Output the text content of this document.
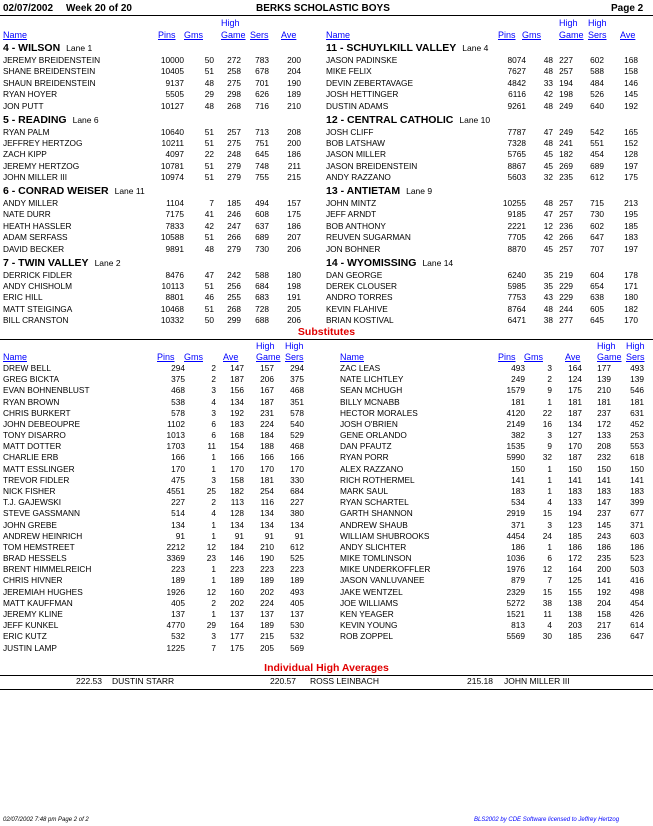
02/07/2002 Week 20 of 20	BERKS SCHOLASTIC BOYS	Page 2
High
Name	Pins Gms Game Sers Ave
High High
Name	Pins Gms Game Sers Ave
4 - WILSON Lane 1
JEREMY BREIDENSTEIN	10000	50 272 783 200
SHANE BREIDENSTEIN	10405	51 258 678 204
SHAUN BREIDENSTEIN	9137	48 275 701 190
RYAN HOYER	5505	29 298 626 189
JON PUTT	10127	48 268 716 210
5 - READING Lane 6
RYAN PALM	10640	51 257 713 208
JEFFREY HERTZOG	10211	51 275 751 200
ZACH KIPP	4097	22 248 645 186
JEREMY HERTZOG	10781	51 279 748 211
JOHN MILLER III	10974	51 279 755 215
6 - CONRAD WEISER Lane 11
ANDY MILLER	1104	7 185 494 157
NATE DURR	7175	41 246 608 175
HEATH HASSLER	7833	42 247 637 186
ADAM SERFASS	10588	51 266 689 207
DAVID BECKER	9891	48 279 730 206
7 - TWIN VALLEY Lane 2
DERRICK FIDLER	8476	47 242 588 180
ANDY CHISHOLM	10113	51 256 684 198
ERIC HILL	8801	46 255 683 191
MATT STEIGINGA	10468	51 268 728 205
BILL CRANSTON	10332	50 299 688 206
11 - SCHUYLKILL VALLEY Lane 4
JASON PADINSKE	8074 48 227 602 168
MIKE FELIX	7627 48 257 588 158
DEVIN ZEBERTAVAGE	4842 33 194 484 146
JOSH HETTINGER	6116 42 198 526 145
DUSTIN ADAMS	9261 48 249 640 192
12 - CENTRAL CATHOLIC Lane 10
JOSH CLIFF	7787 47 249 542 165
BOB LATSHAW	7328 48 241 551 152
JASON MILLER	5765 45 182 454 128
JASON BREIDENSTEIN	8867 45 269 689 197
ANDY RAZZANO	5603 32 235 612 175
13 - ANTIETAM Lane 9
JOHN MINTZ	10255 48 257 715 213
JEFF ARNDT	9185 47 257 730 195
BOB ANTHONY	2221 12 236 602 185
REUVEN SUGARMAN	7705 42 266 647 183
JON BOHNER	8870 45 257 707 197
14 - WYOMISSING Lane 14
DAN GEORGE	6240 35 219 604 178
DEREK CLOUSER	5985 35 229 654 171
ANDRO TORRES	7753 43 229 638 180
KEVIN FLAHIVE	8764 48 244 605 182
BRIAN KOSTIVAL	6471 38 277 645 170
Substitutes
High High
Name	Pins Gms Ave Game Sers
High High
Name	Pins Gms Ave Game Sers
DREW BELL	294	2 147 157 294
GREG BICKTA	375	2 187 206 375
EVAN BOHNENBLUST	468	3 156 167 468
RYAN BROWN	538	4 134 187 351
CHRIS BURKERT	578	3 192 231 578
JOHN DEBEOUPRE	1102	6 183 224 540
TONY DISARRO	1013	6 168 184 529
MATT DOTTER	1703	11 154 188 468
CHARLIE ERB	166	1 166 166 166
MATT ESSLINGER	170	1 170 170 170
TREVOR FIDLER	475	3 158 181 330
NICK FISHER	4551	25 182 254 684
T.J. GAJEWSKI	227	2 113 116 227
STEVE GASSMANN	514	4 128 134 380
JOHN GREBE	134	1 134 134 134
ANDREW HEINRICH	91	1 91	91	91
TOM HEMSTREET	2212	12 184 210 612
BRAD HESSELS	3369	23 146 190 525
BRENT HIMMELREICH	223	1 223 223 223
CHRIS HIVNER	189	1 189 189 189
JEREMIAH HUGHES	1926	12 160 202 493
MATT KAUFFMAN	405	2 202 224 405
JEREMY KLINE	137	1 137 137 137
JEFF KUNKEL	4770	29 164 189 530
ERIC KUTZ	532	3 177 215 532
JUSTIN LAMP	1225	7 175 205 569
ZAC LEAS	493	3 164 177 493
NATE LICHTLEY	249	2 124 139 139
SEAN MCHUGH	1579	9 175 210 546
BILLY MCNABB	181	1 181 181 181
HECTOR MORALES	4120 22 187 237 631
JOSH O'BRIEN	2149 16 134 172 452
GENE ORLANDO	382	3 127 133 253
DAN PFAUTZ	1535	9 170 208 553
RYAN PORR	5990 32 187 232 618
ALEX RAZZANO	150	1 150 150 150
RICH ROTHERMEL	141	1 141 141 141
MARK SAUL	183	1 183 183 183
RYAN SCHARTEL	534	4 133 147 399
GARTH SHANNON	2919 15 194 237 677
ANDREW SHAUB	371	3 123 145 371
WILLIAM SHUBROOKS	4454 24 185 243 603
ANDY SLICHTER	186	1 186 186 186
MIKE TOMLINSON	1036	6 172 235 523
MIKE UNDERKOFFLER	1976 12 164 200 503
JASON VANLUVANEE	879	7 125 141 416
JAKE WENTZEL	2329 15 155 192 498
JOE WILLIAMS	5272 38 138 204 454
KEN YEAGER	1521 11 138 158 426
KEVIN YOUNG	813	4 203 217 614
ROB ZOPPEL	5569 30 185 236 647
Individual High Averages
222.53 DUSTIN STARR	220.57 ROSS LEINBACH	215.18 JOHN MILLER III
02/07/2002 7:48 pm Page 2 of 2	BLS2002 by CDE Software licensed to Jeffrey Hertzog
